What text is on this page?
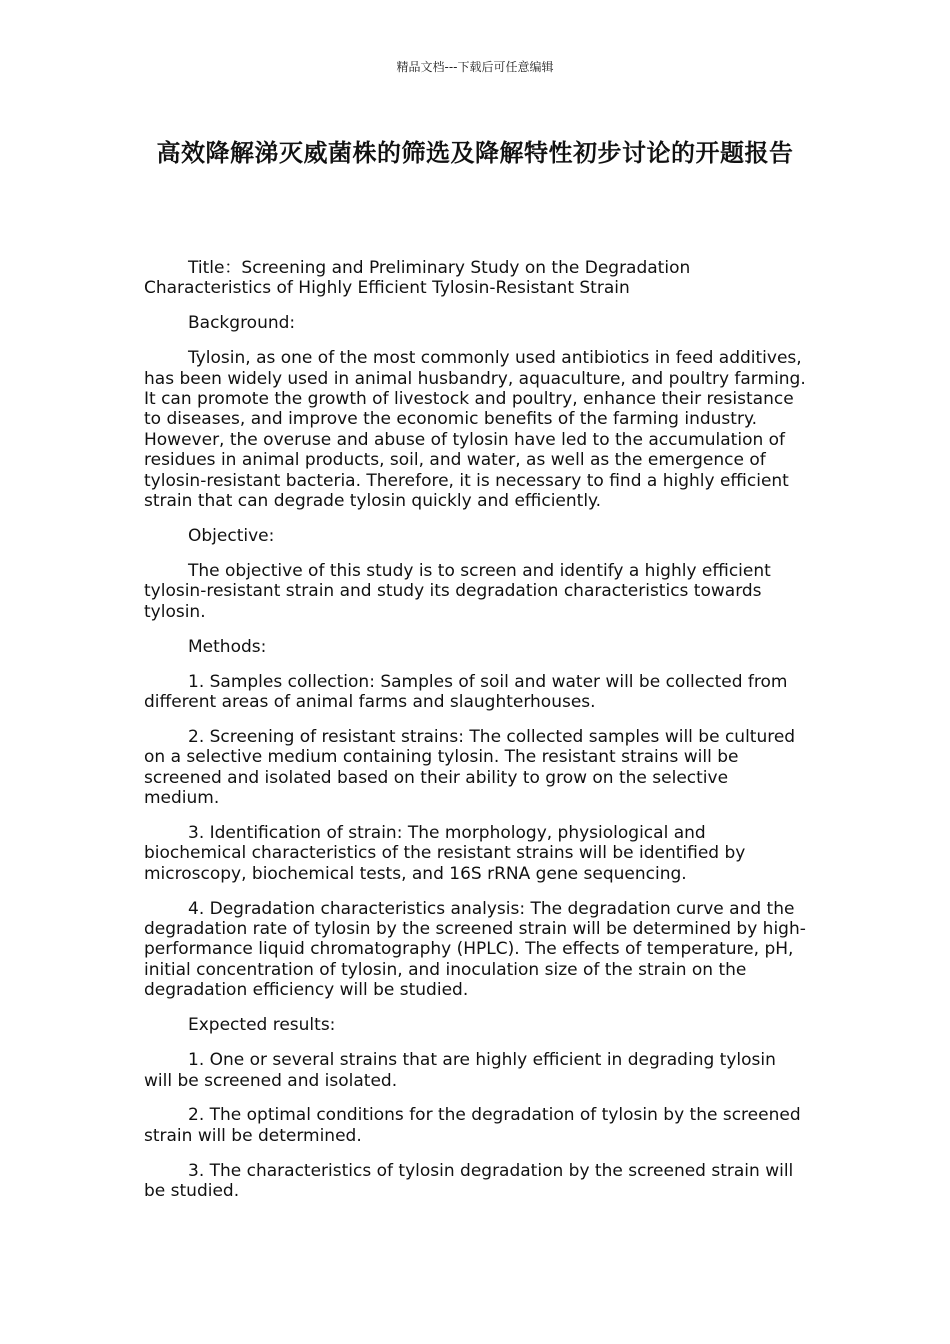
精品文档---下载后可任意编辑
高效降解涕灭威菌株的筛选及降解特性初步讨论的开题报告

Title：Screening and Preliminary Study on the Degradation Characteristics of Highly Efficient Tylosin-Resistant Strain

Background:

Tylosin, as one of the most commonly used antibiotics in feed additives, has been widely used in animal husbandry, aquaculture, and poultry farming. It can promote the growth of livestock and poultry, enhance their resistance to diseases, and improve the economic benefits of the farming industry. However, the overuse and abuse of tylosin have led to the accumulation of residues in animal products, soil, and water, as well as the emergence of tylosin-resistant bacteria. Therefore, it is necessary to find a highly efficient strain that can degrade tylosin quickly and efficiently.

Objective:

The objective of this study is to screen and identify a highly efficient tylosin-resistant strain and study its degradation characteristics towards tylosin.

Methods:

1. Samples collection: Samples of soil and water will be collected from different areas of animal farms and slaughterhouses.

2. Screening of resistant strains: The collected samples will be cultured on a selective medium containing tylosin. The resistant strains will be screened and isolated based on their ability to grow on the selective medium.

3. Identification of strain: The morphology, physiological and biochemical characteristics of the resistant strains will be identified by microscopy, biochemical tests, and 16S rRNA gene sequencing.

4. Degradation characteristics analysis: The degradation curve and the degradation rate of tylosin by the screened strain will be determined by high-performance liquid chromatography (HPLC). The effects of temperature, pH, initial concentration of tylosin, and inoculation size of the strain on the degradation efficiency will be studied.

Expected results:

1. One or several strains that are highly efficient in degrading tylosin will be screened and isolated.

2. The optimal conditions for the degradation of tylosin by the screened strain will be determined.

3. The characteristics of tylosin degradation by the screened strain will be studied.
